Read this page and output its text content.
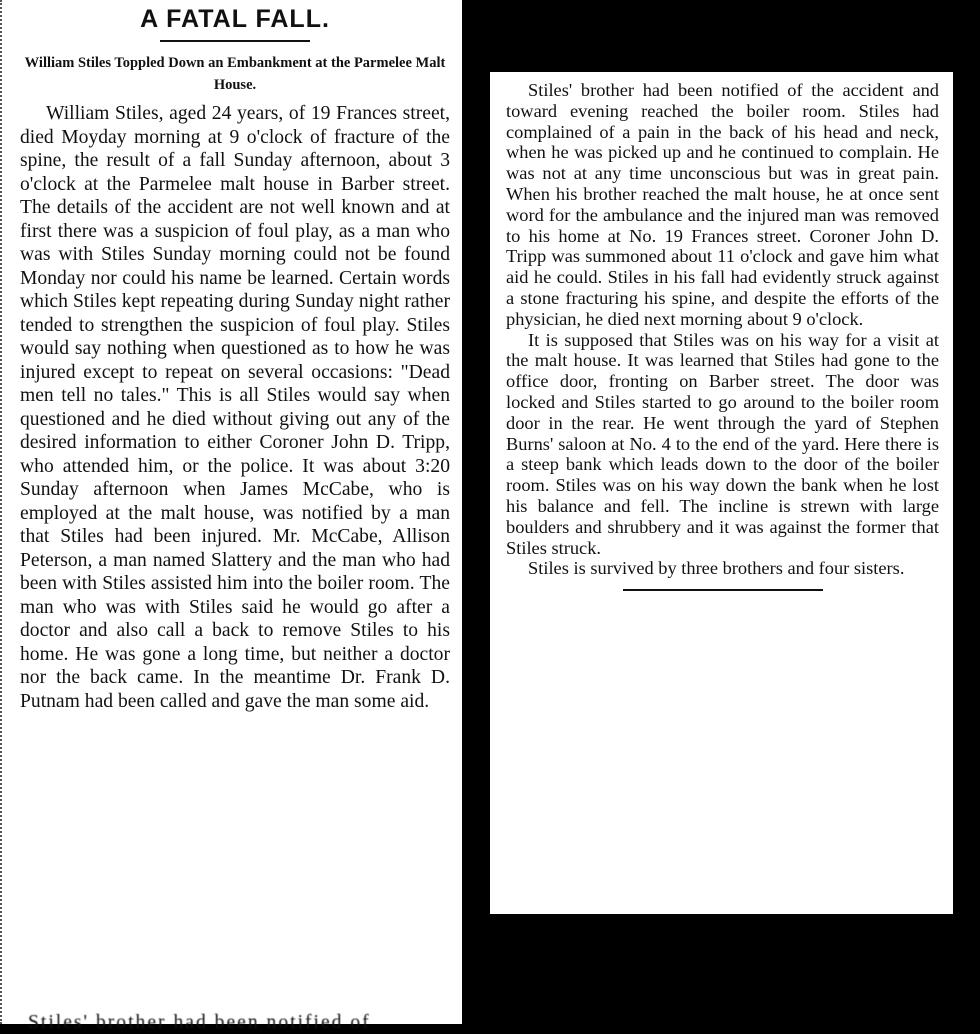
A FATAL FALL.

William Stiles Toppled Down an Embankment at the Parmelee Malt House.

William Stiles, aged 24 years, of 19 Frances street, died Moyday morning at 9 o'clock of fracture of the spine, the result of a fall Sunday afternoon, about 3 o'clock at the Parmelee malt house in Barber street. The details of the accident are not well known and at first there was a suspicion of foul play, as a man who was with Stiles Sunday morning could not be found Monday nor could his name be learned. Certain words which Stiles kept repeating during Sunday night rather tended to strengthen the suspicion of foul play. Stiles would say nothing when questioned as to how he was injured except to repeat on several occasions: "Dead men tell no tales." This is all Stiles would say when questioned and he died without giving out any of the desired information to either Coroner John D. Tripp, who attended him, or the police. It was about 3:20 Sunday afternoon when James McCabe, who is employed at the malt house, was notified by a man that Stiles had been injured. Mr. McCabe, Allison Peterson, a man named Slattery and the man who had been with Stiles assisted him into the boiler room. The man who was with Stiles said he would go after a doctor and also call a back to remove Stiles to his home. He was gone a long time, but neither a doctor nor the back came. In the meantime Dr. Frank D. Putnam had been called and gave the man some aid.

Stiles' brother had been notified of

Stiles' brother had been notified of the accident and toward evening reached the boiler room. Stiles had complained of a pain in the back of his head and neck, when he was picked up and he continued to complain. He was not at any time unconscious but was in great pain. When his brother reached the malt house, he at once sent word for the ambulance and the injured man was removed to his home at No. 19 Frances street. Coroner John D. Tripp was summoned about 11 o'clock and gave him what aid he could. Stiles in his fall had evidently struck against a stone fracturing his spine, and despite the efforts of the physician, he died next morning about 9 o'clock.

It is supposed that Stiles was on his way for a visit at the malt house. It was learned that Stiles had gone to the office door, fronting on Barber street. The door was locked and Stiles started to go around to the boiler room door in the rear. He went through the yard of Stephen Burns' saloon at No. 4 to the end of the yard. Here there is a steep bank which leads down to the door of the boiler room. Stiles was on his way down the bank when he lost his balance and fell. The incline is strewn with large boulders and shrubbery and it was against the former that Stiles struck.

Stiles is survived by three brothers and four sisters.
